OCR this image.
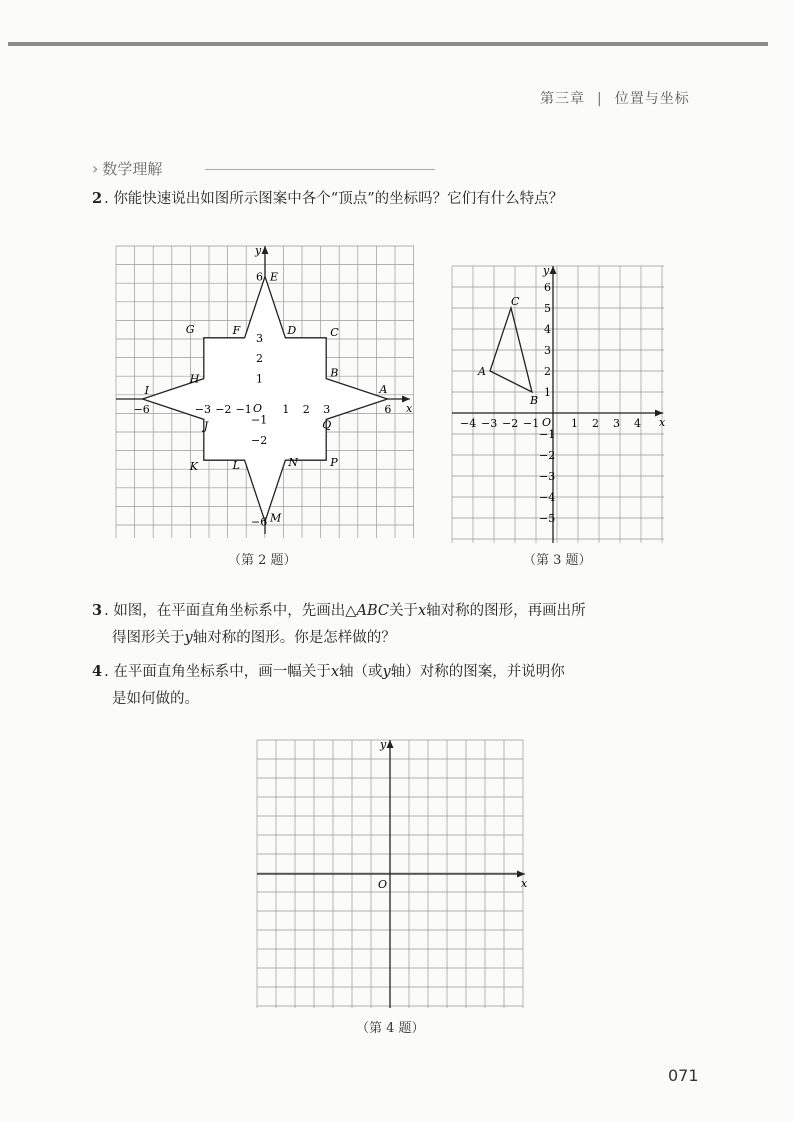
第三章 | 位置与坐标
› 数学理解
2 . 你能快速说出如图所示图案中各个“顶点”的坐标吗？它们有什么特点？
x
y
O
−6	−3 −2 −1	1 2 3	6
6
3
2
1
−1
−2
−6
A
B
C
D
E
F
G
H
I
J
K	L
M
N	P
Q
（第 2 题）
x
y
O
−4 −3 −2 −1	1 2 3 4
6
5
4
3
2
1
−1
−2
−3
−4
−5
A
B
C
（第 3 题）
3 . 如图，在平面直角坐标系中，先画出△ABC关于x轴对称的图形，再画出所
得图形关于y轴对称的图形。你是怎样做的？
4 . 在平面直角坐标系中，画一幅关于x轴（或y轴）对称的图案，并说明你
是如何做的。
x
y
O
（第 4 题）
071
